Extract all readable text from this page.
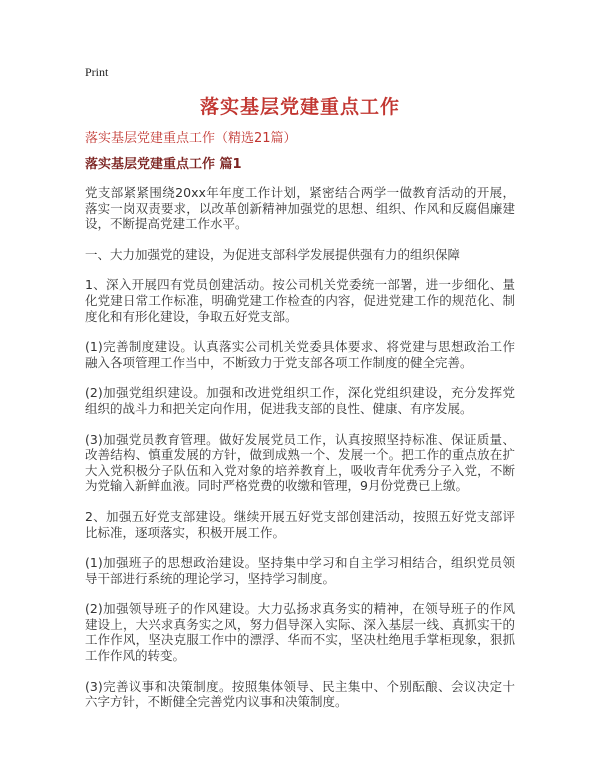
Print
落实基层党建重点工作
落实基层党建重点工作（精选21篇）
落实基层党建重点工作 篇1

党支部紧紧围绕20xx年年度工作计划，紧密结合两学一做教育活动的开展，落实一岗双责要求，以改革创新精神加强党的思想、组织、作风和反腐倡廉建设，不断提高党建工作水平。

一、大力加强党的建设，为促进支部科学发展提供强有力的组织保障

1、深入开展四有党员创建活动。按公司机关党委统一部署，进一步细化、量化党建日常工作标准，明确党建工作检查的内容，促进党建工作的规范化、制度化和有形化建设，争取五好党支部。

(1)完善制度建设。认真落实公司机关党委具体要求、将党建与思想政治工作融入各项管理工作当中，不断致力于党支部各项工作制度的健全完善。

(2)加强党组织建设。加强和改进党组织工作，深化党组织建设，充分发挥党组织的战斗力和把关定向作用，促进我支部的良性、健康、有序发展。

(3)加强党员教育管理。做好发展党员工作，认真按照坚持标准、保证质量、改善结构、慎重发展的方针，做到成熟一个、发展一个。把工作的重点放在扩大入党积极分子队伍和入党对象的培养教育上，吸收青年优秀分子入党，不断为党输入新鲜血液。同时严格党费的收缴和管理，9月份党费已上缴。

2、加强五好党支部建设。继续开展五好党支部创建活动，按照五好党支部评比标准，逐项落实，积极开展工作。

(1)加强班子的思想政治建设。坚持集中学习和自主学习相结合，组织党员领导干部进行系统的理论学习，坚持学习制度。

(2)加强领导班子的作风建设。大力弘扬求真务实的精神，在领导班子的作风建设上，大兴求真务实之风，努力倡导深入实际、深入基层一线、真抓实干的工作作风，坚决克服工作中的漂浮、华而不实，坚决杜绝甩手掌柜现象，狠抓工作作风的转变。

(3)完善议事和决策制度。按照集体领导、民主集中、个别酝酿、会议决定十六字方针，不断健全完善党内议事和决策制度。
